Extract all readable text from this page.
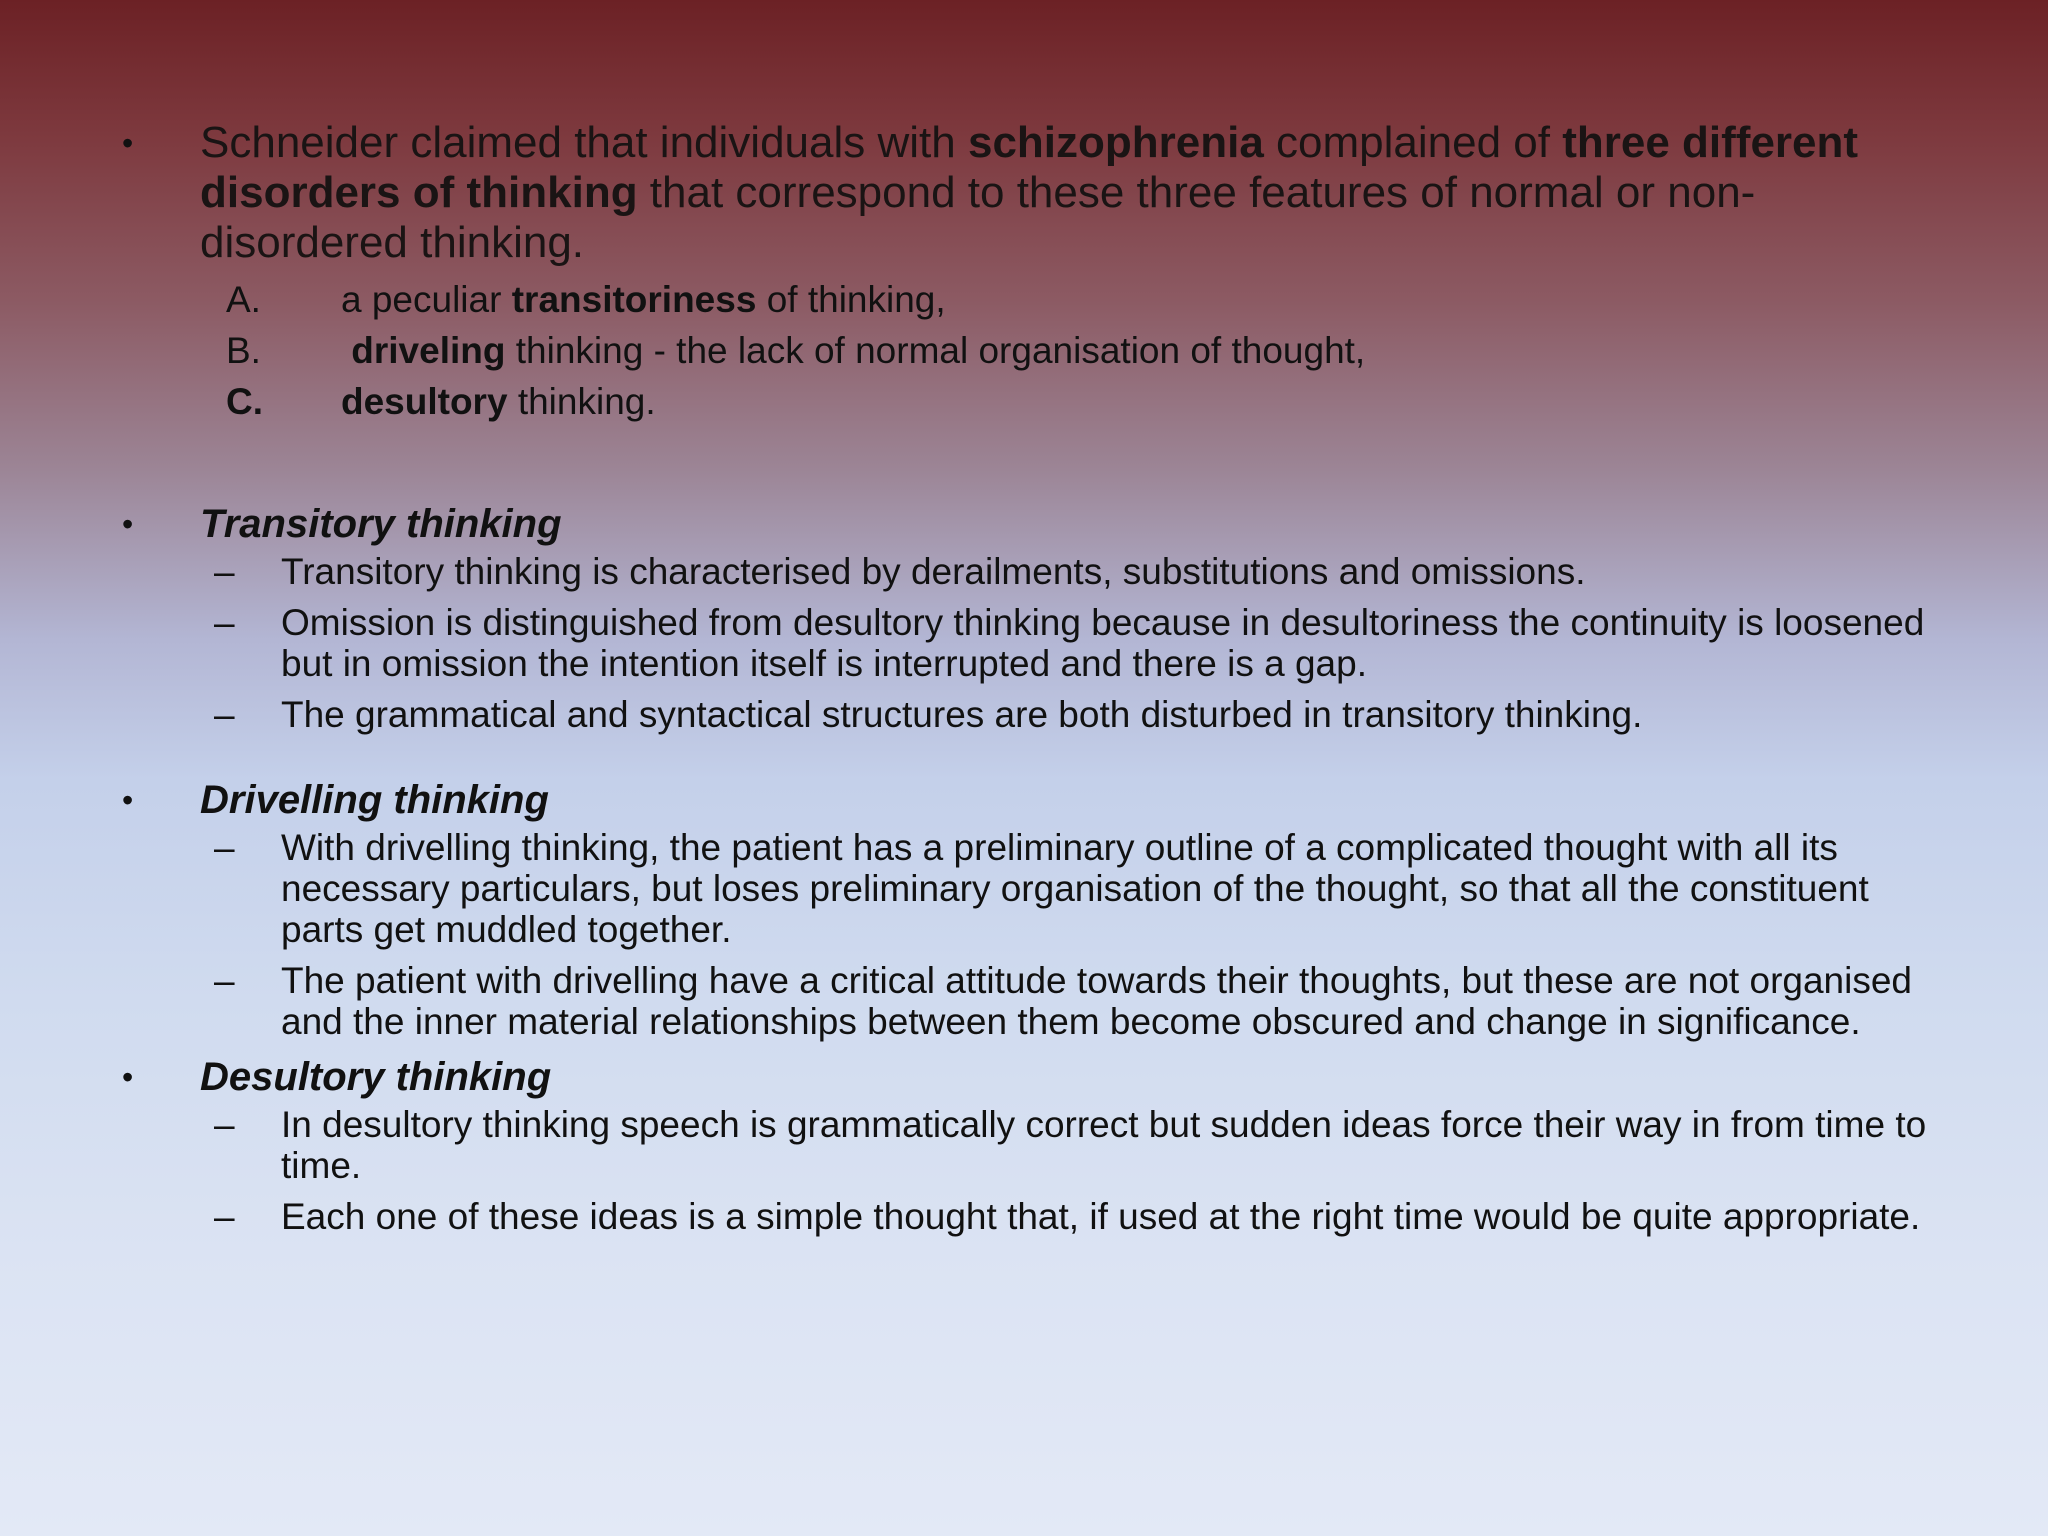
•	Schneider claimed that individuals with schizophrenia complained of three different disorders of thinking that correspond to these three features of normal or non-disordered thinking.
A. a peculiar transitoriness of thinking,
B. driveling thinking - the lack of normal organisation of thought,
C. desultory thinking.
•	Transitory thinking
– Transitory thinking is characterised by derailments, substitutions and omissions.
– Omission is distinguished from desultory thinking because in desultoriness the continuity is loosened but in omission the intention itself is interrupted and there is a gap.
– The grammatical and syntactical structures are both disturbed in transitory thinking.
•	Drivelling thinking
– With drivelling thinking, the patient has a preliminary outline of a complicated thought with all its necessary particulars, but loses preliminary organisation of the thought, so that all the constituent parts get muddled together.
– The patient with drivelling have a critical attitude towards their thoughts, but these are not organised and the inner material relationships between them become obscured and change in significance.
•	Desultory thinking
– In desultory thinking speech is grammatically correct but sudden ideas force their way in from time to time.
– Each one of these ideas is a simple thought that, if used at the right time would be quite appropriate.
